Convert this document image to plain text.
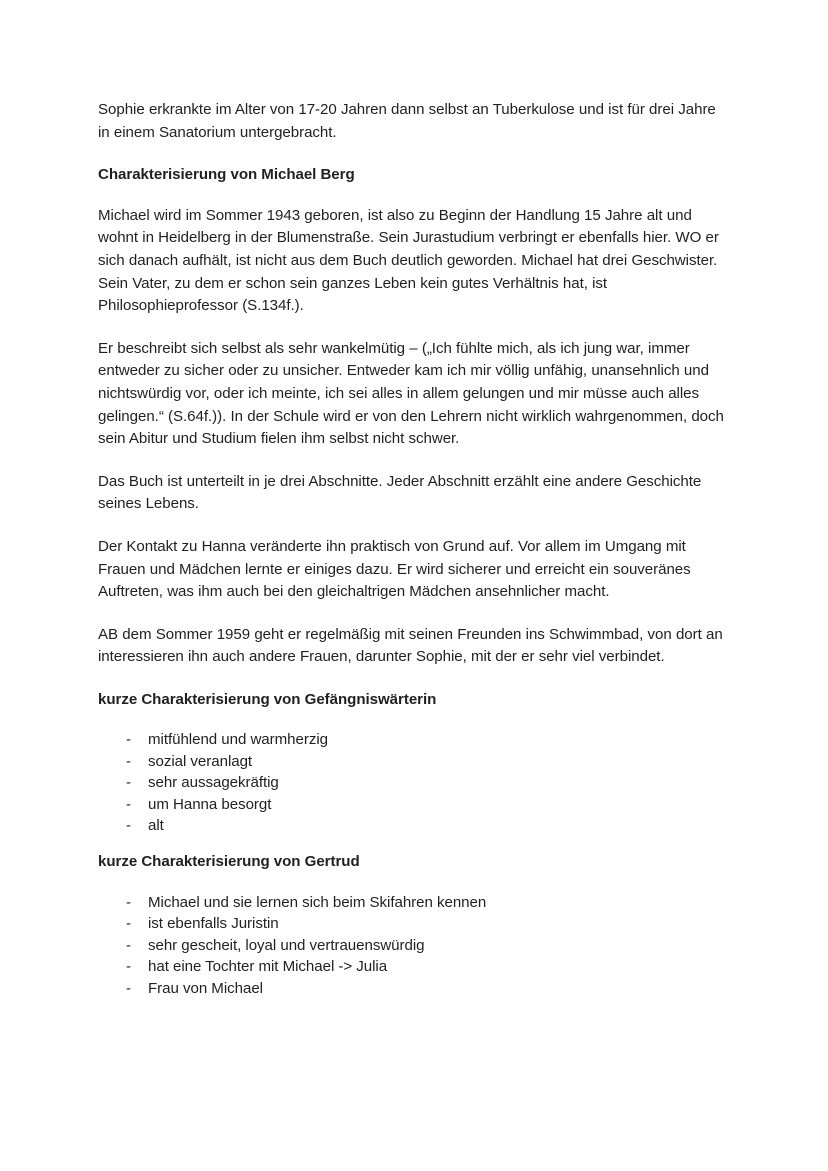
Sophie erkrankte im Alter von 17-20 Jahren dann selbst an Tuberkulose und ist für drei Jahre in einem Sanatorium untergebracht.

Charakterisierung von Michael Berg

Michael wird im Sommer 1943 geboren, ist also zu Beginn der Handlung 15 Jahre alt und wohnt in Heidelberg in der Blumenstraße. Sein Jurastudium verbringt er ebenfalls hier. WO er sich danach aufhält, ist nicht aus dem Buch deutlich geworden. Michael hat drei Geschwister. Sein Vater, zu dem er schon sein ganzes Leben kein gutes Verhältnis hat, ist Philosophieprofessor (S.134f.).

Er beschreibt sich selbst als sehr wankelmütig – („Ich fühlte mich, als ich jung war, immer entweder zu sicher oder zu unsicher. Entweder kam ich mir völlig unfähig, unansehnlich und nichtswürdig vor, oder ich meinte, ich sei alles in allem gelungen und mir müsse auch alles gelingen.“ (S.64f.)). In der Schule wird er von den Lehrern nicht wirklich wahrgenommen, doch sein Abitur und Studium fielen ihm selbst nicht schwer.

Das Buch ist unterteilt in je drei Abschnitte. Jeder Abschnitt erzählt eine andere Geschichte seines Lebens.

Der Kontakt zu Hanna veränderte ihn praktisch von Grund auf. Vor allem im Umgang mit Frauen und Mädchen lernte er einiges dazu. Er wird sicherer und erreicht ein souveränes Auftreten, was ihm auch bei den gleichaltrigen Mädchen ansehnlicher macht.

AB dem Sommer 1959 geht er regelmäßig mit seinen Freunden ins Schwimmbad, von dort an interessieren ihn auch andere Frauen, darunter Sophie, mit der er sehr viel verbindet.

kurze Charakterisierung von Gefängniswärterin
-	mitfühlend und warmherzig
-	sozial veranlagt
-	sehr aussagekräftig
-	um Hanna besorgt
-	alt
kurze Charakterisierung von Gertrud
-	Michael und sie lernen sich beim Skifahren kennen
-	ist ebenfalls Juristin
-	sehr gescheit, loyal und vertrauenswürdig
-	hat eine Tochter mit Michael -> Julia
-	Frau von Michael
